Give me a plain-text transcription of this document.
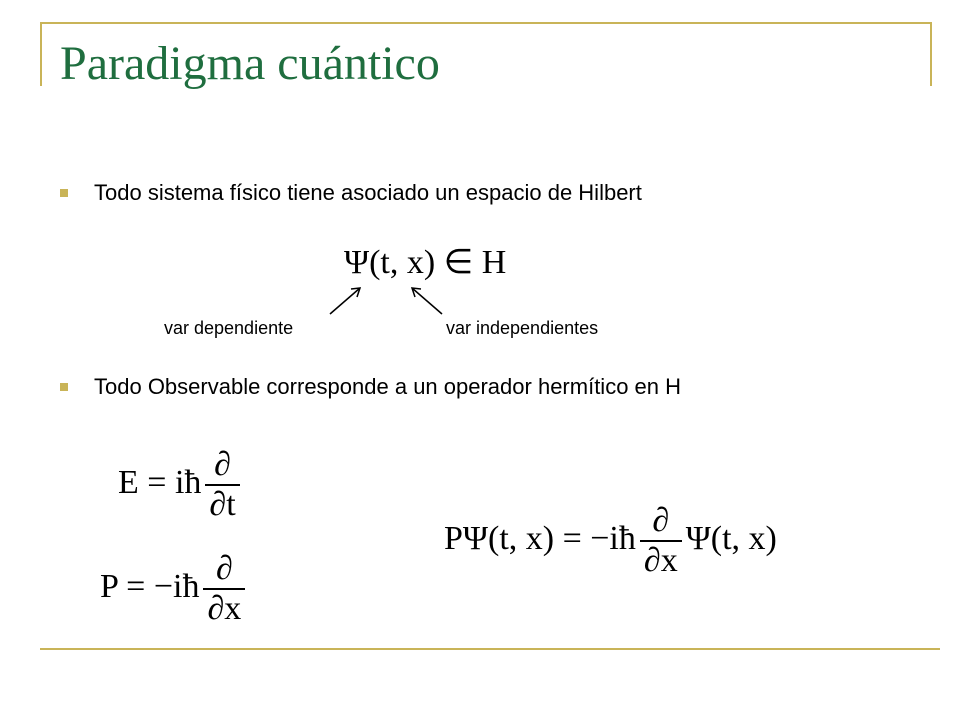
Paradigma cuántico
Todo sistema físico tiene asociado un espacio de Hilbert
Ψ(t, x) ∈ H
var dependiente	var independientes
Todo Observable corresponde a un operador hermítico en H
E = iħ $\frac{\partial}{\partial t}$
P = −iħ $\frac{\partial}{\partial x}$
PΨ(t, x) = −iħ $\frac{\partial}{\partial x} \Psi(t$, x)
